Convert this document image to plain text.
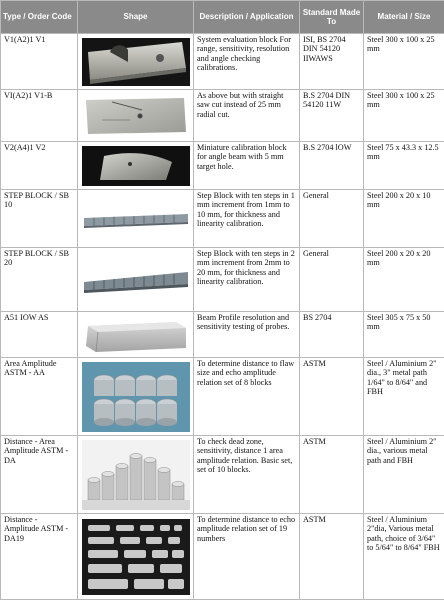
Type / Order Code	Shape	Description / Application	Standard Made To	Material / Size
V1(A2)1 V1		System evaluation block For range, sensitivity, resolution and angle checking calibrations.	ISI, BS 2704 DIN 54120 IIWAWS	Steel 300 x 100 x 25 mm
VI(A2)1 V1-B		As above but with straight saw cut instead of 25 mm radial cut.	B.S 2704 DIN 54120 11W	Steel 300 x 100 x 25 mm
V2(A4)1 V2		Miniature calibration block for angle beam with 5 mm target hole.	B.S 2704 lOW	Steel 75 x 43.3 x 12.5 mm
STEP BLOCK / SB 10		Step Block with ten steps in 1 mm increment from 1mm to 10 mm, for thickness and linearity calibration.	General	Steel 200 x 20 x 10 mm
STEP BLOCK / SB 20		Step Block with ten steps in 2 mm increment from 2mm to 20 mm, for thickness and linearity calibration.	General	Steel 200 x 20 x 20 mm
A51 IOW AS		Beam Profile resolution and sensitivity testing of probes.	BS 2704	Steel 305 x 75 x 50 mm
Area Amplitude ASTM - AA		To determine distance to flaw size and echo amplitude relation set of 8 blocks	ASTM	Steel / Aluminium 2" dia., 3" metal path 1/64" to 8/64" and FBH
Distance - Area Amplitude ASTM - DA		To check dead zone, sensitivity, distance 1 area amplitude relation. Basic set, set of 10 blocks.	ASTM	Steel / Aluminium 2" dia., various metal path and FBH
Distance - Amplitude ASTM - DA19		To determine distance to echo amplitude relation set of 19 numbers	ASTM	Steel / Aluminium 2"dia, Various metal path, choice of 3/64" to 5/64" to 8/64" FBH
